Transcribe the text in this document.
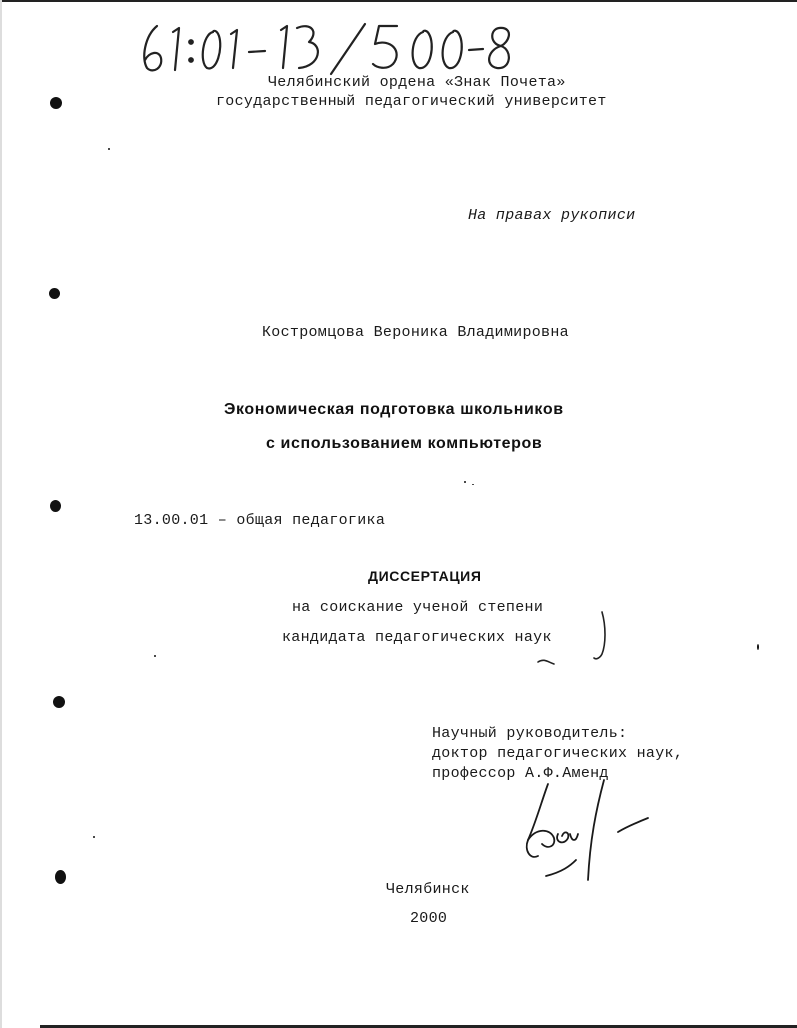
Челябинский ордена «Знак Почета»
государственный педагогический университет
На правах рукописи
Костромцова Вероника Владимировна
Экономическая подготовка школьников
с использованием компьютеров
13.00.01 – общая педагогика
ДИССЕРТАЦИЯ
на соискание ученой степени
кандидата педагогических наук
Научный руководитель:
доктор педагогических наук,
профессор А.Ф.Аменд
Челябинск
2000
